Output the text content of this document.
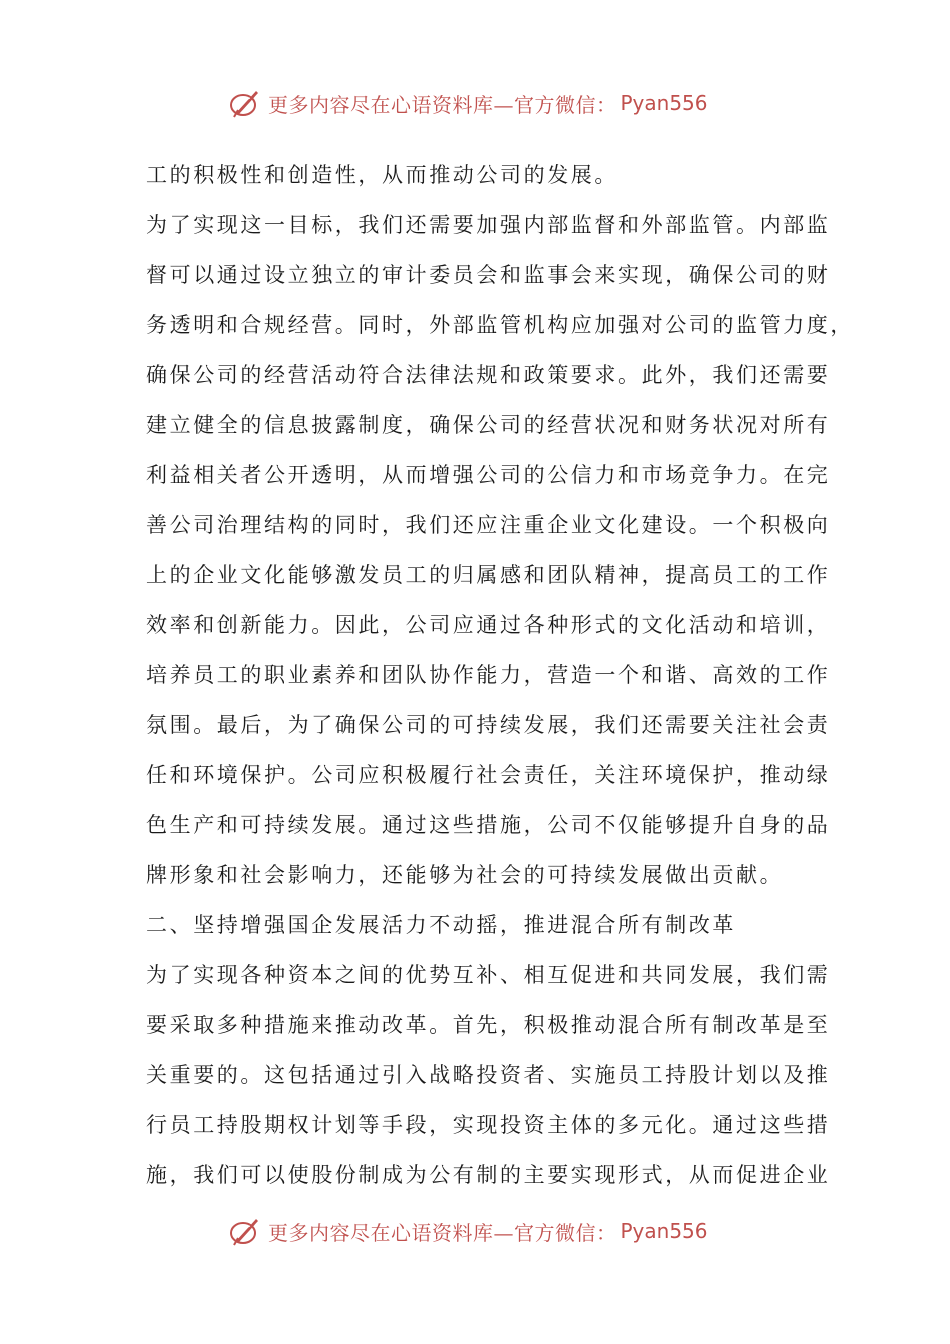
更多内容尽在心语资料库—官方微信： Pyan556
工的积极性和创造性，从而推动公司的发展。
为了实现这一目标，我们还需要加强内部监督和外部监管。内部监
督可以通过设立独立的审计委员会和监事会来实现，确保公司的财
务透明和合规经营。同时，外部监管机构应加强对公司的监管力度，
确保公司的经营活动符合法律法规和政策要求。此外，我们还需要
建立健全的信息披露制度，确保公司的经营状况和财务状况对所有
利益相关者公开透明，从而增强公司的公信力和市场竞争力。在完
善公司治理结构的同时，我们还应注重企业文化建设。一个积极向
上的企业文化能够激发员工的归属感和团队精神，提高员工的工作
效率和创新能力。因此，公司应通过各种形式的文化活动和培训，
培养员工的职业素养和团队协作能力，营造一个和谐、高效的工作
氛围。最后，为了确保公司的可持续发展，我们还需要关注社会责
任和环境保护。公司应积极履行社会责任，关注环境保护，推动绿
色生产和可持续发展。通过这些措施，公司不仅能够提升自身的品
牌形象和社会影响力，还能够为社会的可持续发展做出贡献。
二、坚持增强国企发展活力不动摇，推进混合所有制改革
为了实现各种资本之间的优势互补、相互促进和共同发展，我们需
要采取多种措施来推动改革。首先，积极推动混合所有制改革是至
关重要的。这包括通过引入战略投资者、实施员工持股计划以及推
行员工持股期权计划等手段，实现投资主体的多元化。通过这些措
施，我们可以使股份制成为公有制的主要实现形式，从而促进企业
更多内容尽在心语资料库—官方微信： Pyan556
